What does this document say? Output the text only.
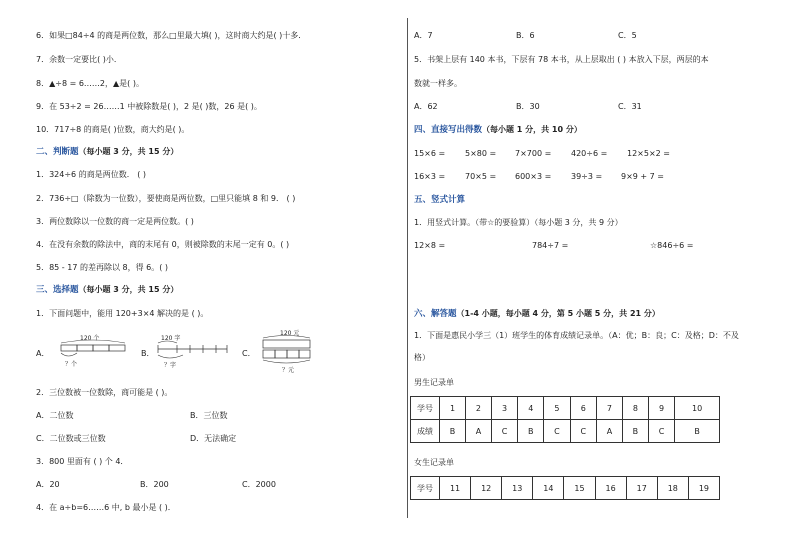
6．如果□84÷4 的商是两位数，那么□里最大填( )，这时商大约是( )十多．
7．余数一定要比( )小．
8．▲÷8 = 6……2，▲是( )。
9．在 53÷2 = 26……1 中被除数是( )，2 是( )数，26 是( )。
10．717÷8 的商是( )位数，商大约是( )。
二、判断题（每小题 3 分，共 15 分）
1．324÷6 的商是两位数． ( )
2．736÷□（除数为一位数），要使商是两位数，□里只能填 8 和 9． ( )
3．两位数除以一位数的商一定是两位数。( )
4．在没有余数的除法中，商的末尾有 0，则被除数的末尾一定有 0。( )
5．85 - 17 的差再除以 8，得 6。( )
三、选择题（每小题 3 分，共 15 分）
1．下面问题中，能用 120+3×4 解决的是 ( )。
A．
120 个
？个
B．
120 字
？字
C．
120 元
？元
2．三位数被一位数除，商可能是 ( )。
A．二位数	B．三位数
C．二位数或三位数	D．无法确定
3．800 里面有 ( ) 个 4．
A．20	B．200	C．2000
4．在 a÷b=6……6 中, b 最小是 ( )．
A．7	B．6	C．5
5．书架上层有 140 本书，下层有 78 本书，从上层取出 ( ) 本放入下层，两层的本
数就一样多。
A．62	B．30	C．31
四、直接写出得数（每小题 1 分，共 10 分）
15×6 = 5×80 = 7×700 = 420÷6 = 12×5×2 =
16×3 = 70×5 = 600×3 = 39÷3 = 9×9 + 7 =
五、竖式计算
1．用竖式计算。（带☆的要验算）（每小题 3 分，共 9 分）
12×8 =	784÷7 =	☆846÷6 =
六、解答题（1-4 小题，每小题 4 分，第 5 小题 5 分，共 21 分）
1．下面是惠民小学三（1）班学生的体育成绩记录单。（A：优；B：良；C：及格；D：不及
格）
男生记录单
学号	1	2	3	4	5	6	7	8	9	10
成绩	B	A	C	B	C	C	A	B	C	B
女生记录单
学号	11	12	13	14	15	16	17	18	19
